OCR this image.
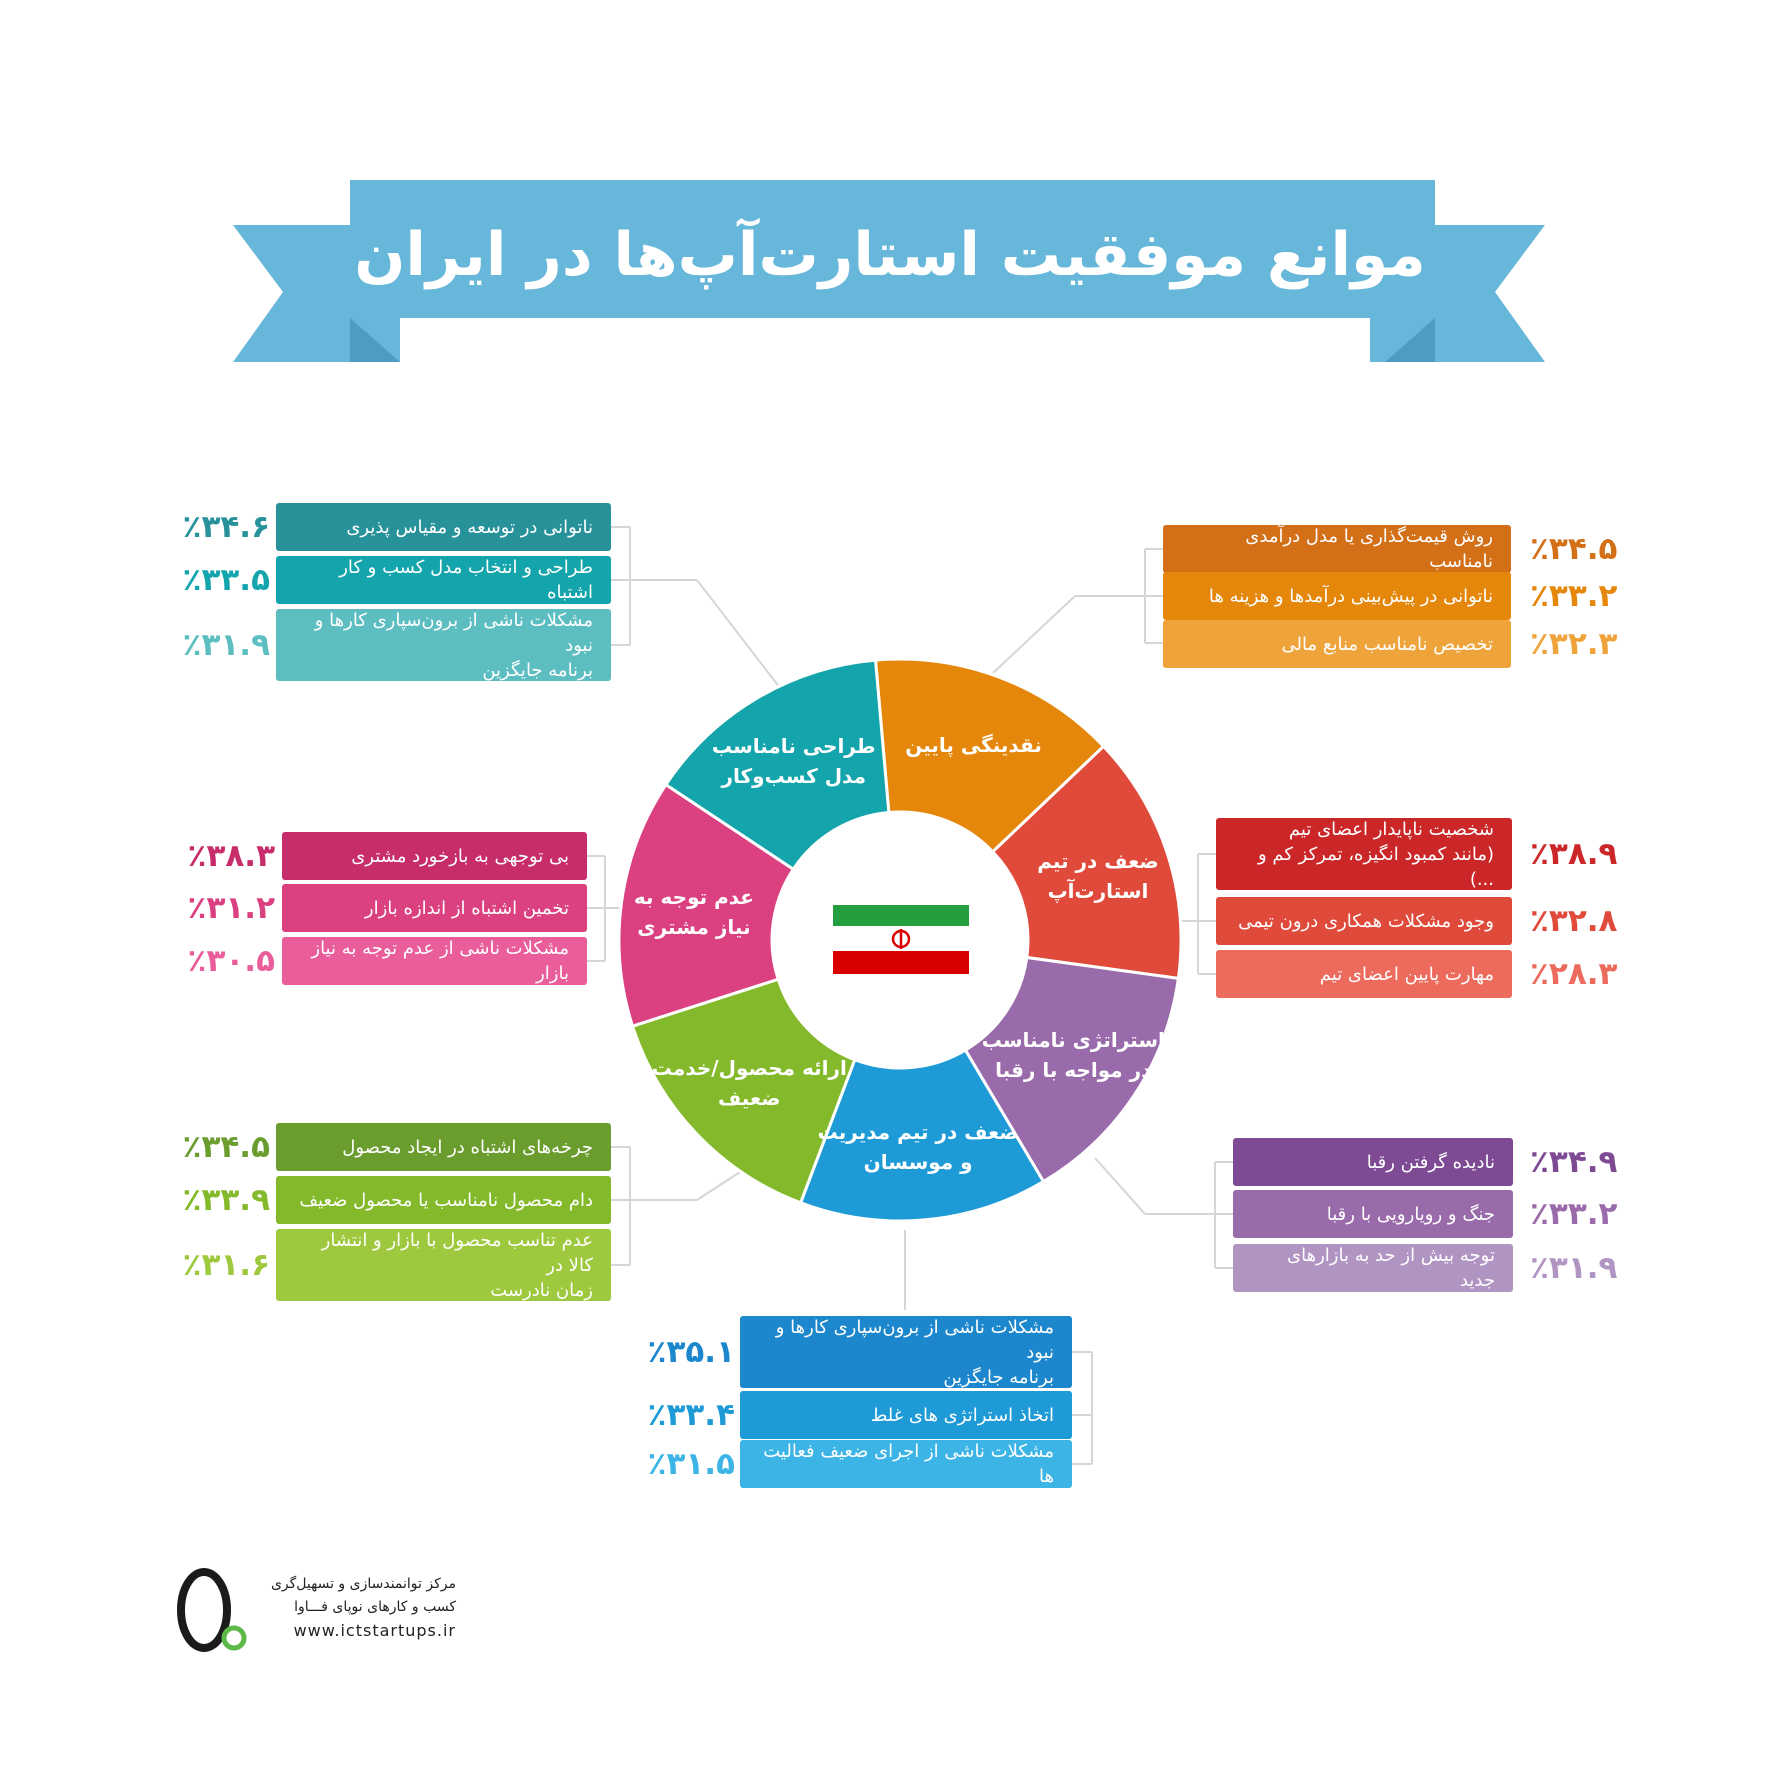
موانع موفقیت استارت‌آپ‌ها در ایران
نقدینگی پایین
ضعف در تیم
استارت‌آپ
استراتژی نامناسب
در مواجه با رقبا
ضعف در تیم مدیریت
و موسسان
ارائه محصول/خدمت
ضعیف
عدم توجه به
نیاز مشتری
طراحی نامناسب
مدل کسب‌وکار
روش قیمت‌گذاری یا مدل درآمدی نامناسب ٪۳۴.۵
ناتوانی در پیش‌بینی درآمدها و هزینه ها ٪۳۳.۲
تخصیص نامناسب منابع مالی ٪۳۲.۳
شخصیت ناپایدار اعضای تیم
(مانند کمبود انگیزه، تمرکز کم و ...)
٪۳۸.۹
وجود مشکلات همکاری درون تیمی ٪۳۲.۸
مهارت پایین اعضای تیم ٪۲۸.۳
نادیده گرفتن رقبا ٪۳۴.۹
جنگ و رویارویی با رقبا ٪۳۳.۲
توجه بیش از حد به بازارهای جدید ٪۳۱.۹
مشکلات ناشی از برون‌سپاری کارها و نبود
برنامه جایگزین
٪۳۵.۱
اتخاذ استراتژی های غلط
٪۳۳.۴
مشکلات ناشی از اجرای ضعیف فعالیت ها
٪۳۱.۵
چرخه‌های اشتباه در ایجاد محصول
٪۳۴.۵
دام محصول نامناسب یا محصول ضعیف
٪۳۳.۹
عدم تناسب محصول با بازار و انتشار کالا در
زمان نادرست
٪۳۱.۶
بی توجهی به بازخورد مشتری
٪۳۸.۳
تخمین اشتباه از اندازه بازار
٪۳۱.۲
مشکلات ناشی از عدم توجه به نیاز بازار
٪۳۰.۵
ناتوانی در توسعه و مقیاس پذیری
٪۳۴.۶
طراحی و انتخاب مدل کسب و کار اشتباه
٪۳۳.۵
مشکلات ناشی از برون‌سپاری کارها و نبود
برنامه جایگزین
٪۳۱.۹
مرکز توانمندسازی و تسهیل‌گری
کسب و کارهای نوپای فـــاوا
www.ictstartups.ir
